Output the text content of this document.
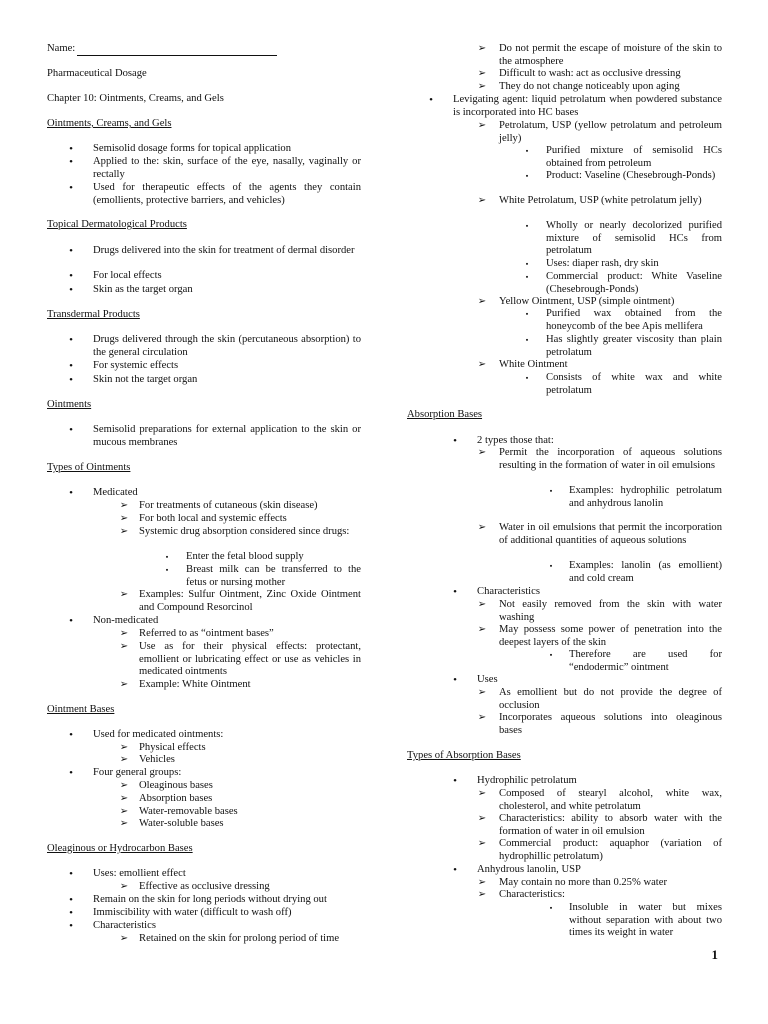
Name:
Pharmaceutical Dosage
Chapter 10: Ointments, Creams, and Gels
Ointments, Creams, and Gels
•	Semisolid dosage forms for topical application
•	Applied to the: skin, surface of the eye, nasally, vaginally or rectally
•	Used for therapeutic effects of the agents they contain (emollients, protective barriers, and vehicles)
Topical Dermatological Products
•	Drugs delivered into the skin for treatment of dermal disorder
•	For local effects
•	Skin as the target organ
Transdermal Products
•	Drugs delivered through the skin (percutaneous absorption) to the general circulation
•	For systemic effects
•	Skin not the target organ
Ointments
•	Semisolid preparations for external application to the skin or mucous membranes
Types of Ointments
•	Medicated
➢ For treatments of cutaneous (skin disease)
➢ For both local and systemic effects
➢ Systemic drug absorption considered since drugs:
▪	Enter the fetal blood supply
▪	Breast milk can be transferred to the fetus or nursing mother
➢ Examples: Sulfur Ointment, Zinc Oxide Ointment and Compound Resorcinol
•	Non-medicated
➢ Referred to as “ointment bases”
➢ Use as for their physical effects: protectant, emollient or lubricating effect or use as vehicles in medicated ointments
➢ Example: White Ointment
Ointment Bases
•	Used for medicated ointments:
➢ Physical effects
➢ Vehicles
•	Four general groups:
➢ Oleaginous bases
➢ Absorption bases
➢ Water-removable bases
➢ Water-soluble bases
Oleaginous or Hydrocarbon Bases
•	Uses: emollient effect
➢ Effective as occlusive dressing
•	Remain on the skin for long periods without drying out
•	Immiscibility with water (difficult to wash off)
•	Characteristics
➢ Retained on the skin for prolong period of time
➢ Do not permit the escape of moisture of the skin to the atmosphere
➢ Difficult to wash: act as occlusive dressing
➢ They do not change noticeably upon aging
•	Levigating agent: liquid petrolatum when powdered substance is incorporated into HC bases
➢ Petrolatum, USP (yellow petrolatum and petroleum jelly)
▪	Purified mixture of semisolid HCs obtained from petroleum
▪	Product: Vaseline (Chesebrough-Ponds)
➢ White Petrolatum, USP (white petrolatum jelly)
▪	Wholly or nearly decolorized purified mixture of semisolid HCs from petrolatum
▪	Uses: diaper rash, dry skin
▪	Commercial product: White Vaseline (Chesebrough-Ponds)
➢ Yellow Ointment, USP (simple ointment)
▪	Purified wax obtained from the honeycomb of the bee Apis mellifera
▪	Has slightly greater viscosity than plain petrolatum
➢ White Ointment
▪	Consists of white wax and white petrolatum
Absorption Bases
•	2 types those that:
➢ Permit the incorporation of aqueous solutions resulting in the formation of water in oil emulsions
▪	Examples: hydrophilic petrolatum and anhydrous lanolin
➢ Water in oil emulsions that permit the incorporation of additional quantities of aqueous solutions
▪	Examples: lanolin (as emollient) and cold cream
•	Characteristics
➢ Not easily removed from the skin with water washing
➢ May possess some power of penetration into the deepest layers of the skin
▪	Therefore are used for “endodermic” ointment
•	Uses
➢ As emollient but do not provide the degree of occlusion
➢ Incorporates aqueous solutions into oleaginous bases
Types of Absorption Bases
•	Hydrophilic petrolatum
➢ Composed of stearyl alcohol, white wax, cholesterol, and white petrolatum
➢ Characteristics: ability to absorb water with the formation of water in oil emulsion
➢ Commercial product: aquaphor (variation of hydrophillic petrolatum)
•	Anhydrous lanolin, USP
➢ May contain no more than 0.25% water
➢ Characteristics:
▪	Insoluble in water but mixes without separation with about two times its weight in water
1
